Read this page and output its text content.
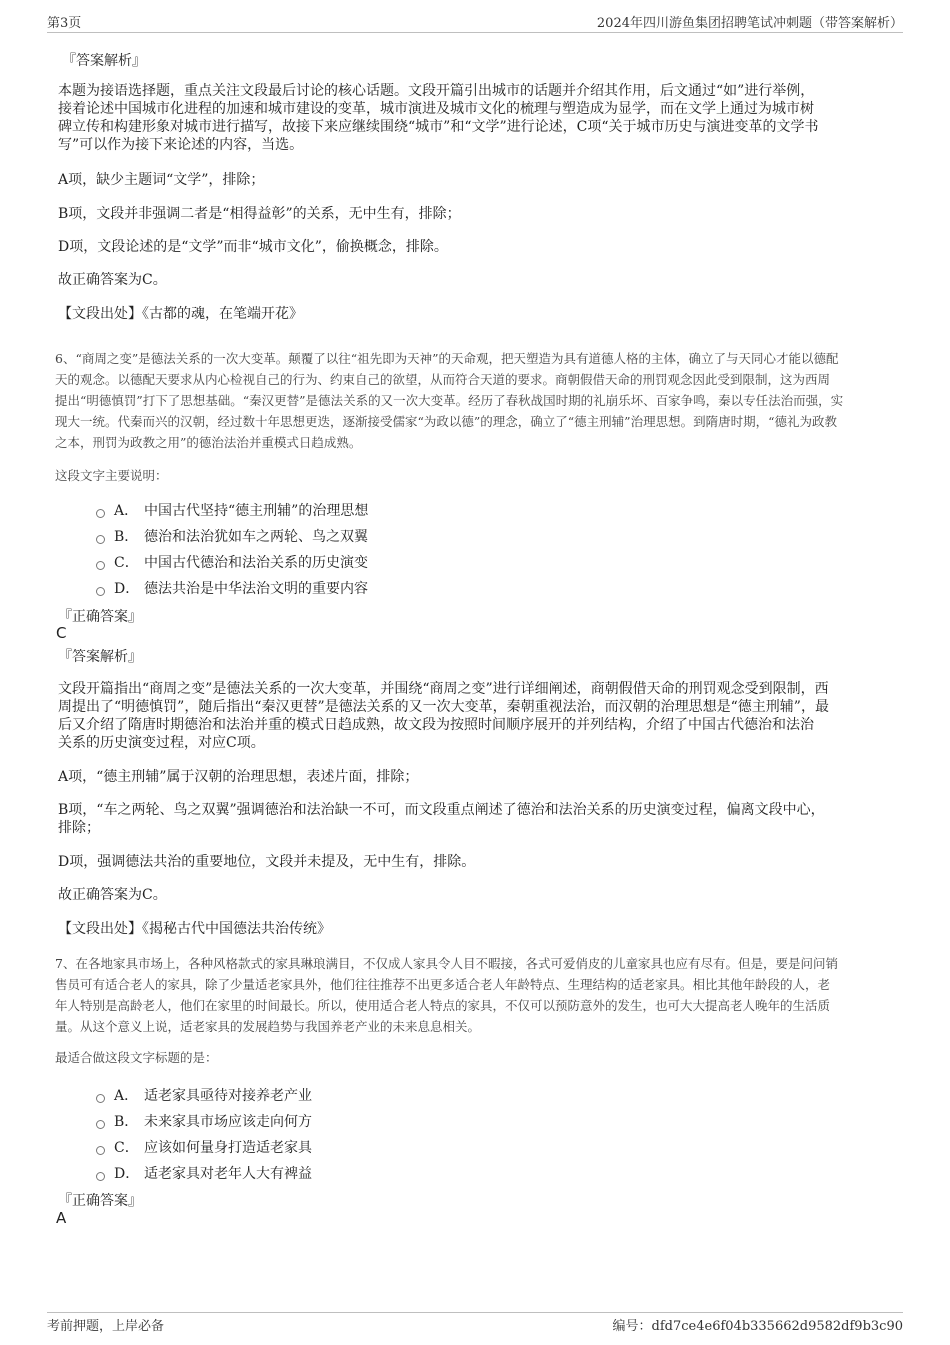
第3页	2024年四川游鱼集团招聘笔试冲刺题（带答案解析）
『答案解析』
本题为接语选择题，重点关注文段最后讨论的核心话题。文段开篇引出城市的话题并介绍其作用，后文通过“如”进行举例，
接着论述中国城市化进程的加速和城市建设的变革，城市演进及城市文化的梳理与塑造成为显学，而在文学上通过为城市树
碑立传和构建形象对城市进行描写，故接下来应继续围绕“城市”和“文学”进行论述，C项“关于城市历史与演进变革的文学书
写”可以作为接下来论述的内容，当选。
A项，缺少主题词“文学”，排除；
B项，文段并非强调二者是“相得益彰”的关系，无中生有，排除；
D项，文段论述的是“文学”而非“城市文化”，偷换概念，排除。
故正确答案为C。
【文段出处】《古都的魂，在笔端开花》
6、“商周之变”是德法关系的一次大变革。颠覆了以往“祖先即为天神”的天命观，把天塑造为具有道德人格的主体，确立了与天同心才能以德配
天的观念。以德配天要求从内心检视自己的行为、约束自己的欲望，从而符合天道的要求。商朝假借天命的刑罚观念因此受到限制，这为西周
提出“明德慎罚”打下了思想基础。“秦汉更替”是德法关系的又一次大变革。经历了春秋战国时期的礼崩乐坏、百家争鸣，秦以专任法治而强，实
现大一统。代秦而兴的汉朝，经过数十年思想更迭，逐渐接受儒家“为政以德”的理念，确立了“德主刑辅”治理思想。到隋唐时期，“德礼为政教
之本，刑罚为政教之用”的德治法治并重模式日趋成熟。
这段文字主要说明：
A． 中国古代坚持“德主刑辅”的治理思想
B． 德治和法治犹如车之两轮、鸟之双翼
C． 中国古代德治和法治关系的历史演变
D． 德法共治是中华法治文明的重要内容
『正确答案』
C
『答案解析』
文段开篇指出“商周之变”是德法关系的一次大变革，并围绕“商周之变”进行详细阐述，商朝假借天命的刑罚观念受到限制，西
周提出了“明德慎罚”，随后指出“秦汉更替”是德法关系的又一次大变革，秦朝重视法治，而汉朝的治理思想是“德主刑辅”，最
后又介绍了隋唐时期德治和法治并重的模式日趋成熟，故文段为按照时间顺序展开的并列结构，介绍了中国古代德治和法治
关系的历史演变过程，对应C项。
A项，“德主刑辅”属于汉朝的治理思想，表述片面，排除；
B项，“车之两轮、鸟之双翼”强调德治和法治缺一不可，而文段重点阐述了德治和法治关系的历史演变过程，偏离文段中心，
排除；
D项，强调德法共治的重要地位，文段并未提及，无中生有，排除。
故正确答案为C。
【文段出处】《揭秘古代中国德法共治传统》
7、在各地家具市场上，各种风格款式的家具琳琅满目，不仅成人家具令人目不暇接，各式可爱俏皮的儿童家具也应有尽有。但是，要是问问销
售员可有适合老人的家具，除了少量适老家具外，他们往往推荐不出更多适合老人年龄特点、生理结构的适老家具。相比其他年龄段的人，老
年人特别是高龄老人，他们在家里的时间最长。所以，使用适合老人特点的家具，不仅可以预防意外的发生，也可大大提高老人晚年的生活质
量。从这个意义上说，适老家具的发展趋势与我国养老产业的未来息息相关。
最适合做这段文字标题的是：
A． 适老家具亟待对接养老产业
B． 未来家具市场应该走向何方
C． 应该如何量身打造适老家具
D． 适老家具对老年人大有裨益
『正确答案』
A
考前押题，上岸必备	编号：dfd7ce4e6f04b335662d9582df9b3c90
